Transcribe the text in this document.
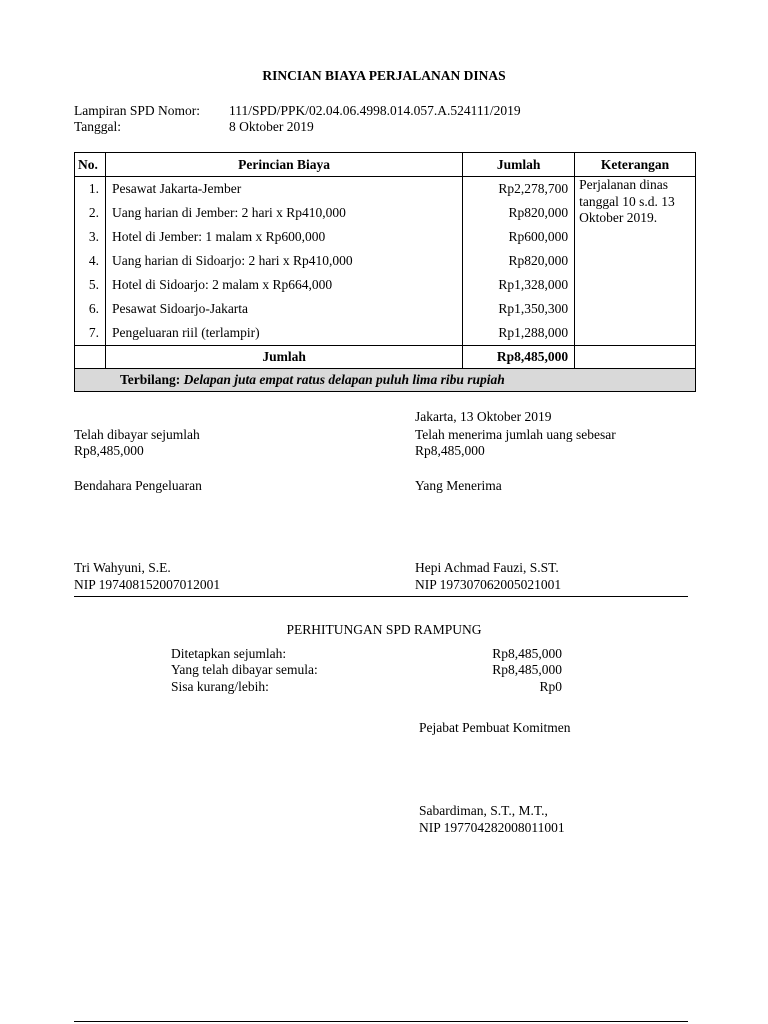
RINCIAN BIAYA PERJALANAN DINAS
Lampiran SPD Nomor: 111/SPD/PPK/02.04.06.4998.014.057.A.524111/2019
Tanggal:	8 Oktober 2019
No.	Perincian Biaya	Jumlah	Keterangan
1.	Pesawat Jakarta-Jember	Rp2,278,700	Perjalanan dinas tanggal 10 s.d. 13 Oktober 2019.
2.	Uang harian di Jember: 2 hari x Rp410,000	Rp820,000	
3.	Hotel di Jember: 1 malam x Rp600,000	Rp600,000	
4.	Uang harian di Sidoarjo: 2 hari x Rp410,000	Rp820,000	
5.	Hotel di Sidoarjo: 2 malam x Rp664,000	Rp1,328,000	
6.	Pesawat Sidoarjo-Jakarta	Rp1,350,300	
7.	Pengeluaran riil (terlampir)	Rp1,288,000	
	Jumlah	Rp8,485,000	
Terbilang: Delapan juta empat ratus delapan puluh lima ribu rupiah			
Jakarta, 13 Oktober 2019
Telah dibayar sejumlah
Rp8,485,000
Telah menerima jumlah uang sebesar
Rp8,485,000
Bendahara Pengeluaran	Yang Menerima
Tri Wahyuni, S.E.
NIP 197408152007012001
Hepi Achmad Fauzi, S.ST.
NIP 197307062005021001
PERHITUNGAN SPD RAMPUNG
Ditetapkan sejumlah:	Rp8,485,000
Yang telah dibayar semula:	Rp8,485,000
Sisa kurang/lebih:	Rp0
Pejabat Pembuat Komitmen
Sabardiman, S.T., M.T.,
NIP 197704282008011001
